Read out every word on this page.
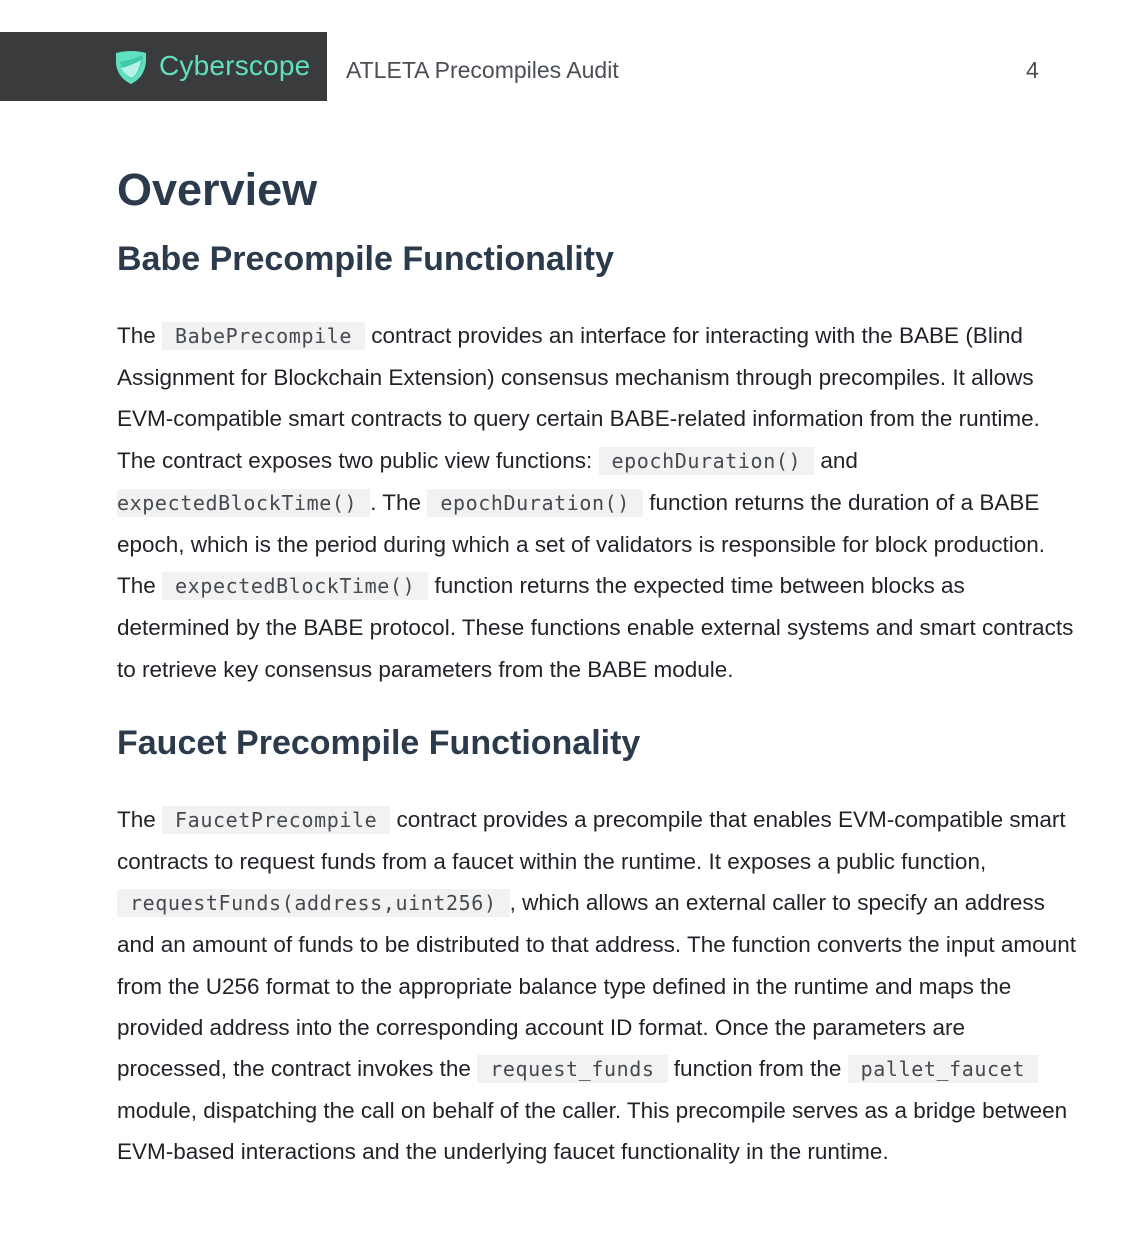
Cyberscope ATLETA Precompiles Audit	4
Overview
Babe Precompile Functionality

The BabePrecompile contract provides an interface for interacting with the BABE (Blind Assignment for Blockchain Extension) consensus mechanism through precompiles. It allows EVM-compatible smart contracts to query certain BABE-related information from the runtime. The contract exposes two public view functions: epochDuration() and expectedBlockTime() . The epochDuration() function returns the duration of a BABE epoch, which is the period during which a set of validators is responsible for block production. The expectedBlockTime() function returns the expected time between blocks as determined by the BABE protocol. These functions enable external systems and smart contracts to retrieve key consensus parameters from the BABE module.

Faucet Precompile Functionality

The FaucetPrecompile contract provides a precompile that enables EVM-compatible smart contracts to request funds from a faucet within the runtime. It exposes a public function, requestFunds(address,uint256) , which allows an external caller to specify an address and an amount of funds to be distributed to that address. The function converts the input amount from the U256 format to the appropriate balance type defined in the runtime and maps the provided address into the corresponding account ID format. Once the parameters are processed, the contract invokes the request_funds function from the pallet_faucet module, dispatching the call on behalf of the caller. This precompile serves as a bridge between EVM-based interactions and the underlying faucet functionality in the runtime.
